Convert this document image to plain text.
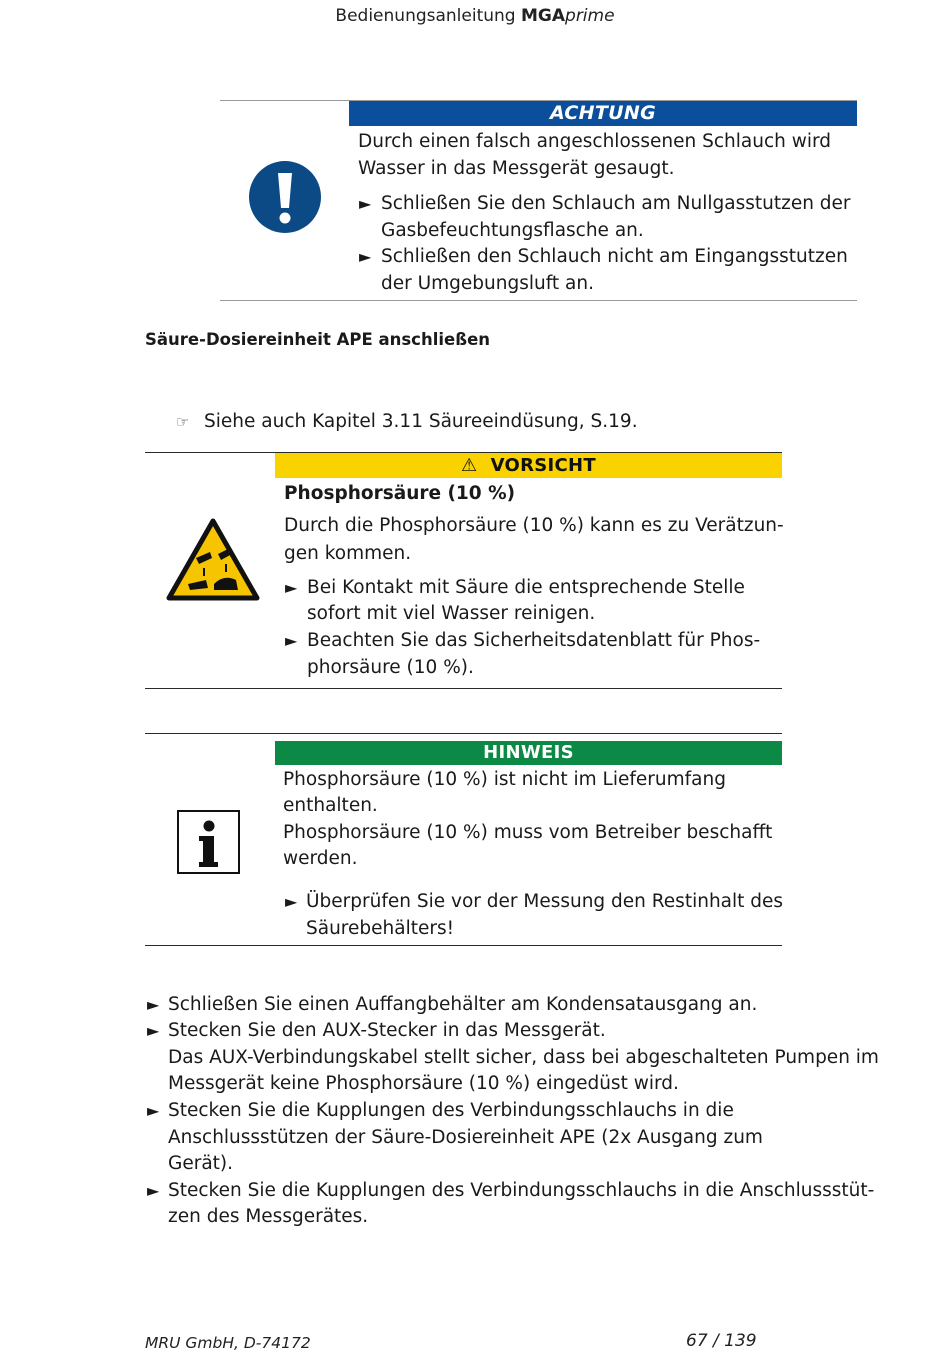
Bedienungsanleitung MGAprime
ACHTUNG
Durch einen falsch angeschlossenen Schlauch wird
Wasser in das Messgerät gesaugt.
► Schließen Sie den Schlauch am Nullgasstutzen der
Gasbefeuchtungsflasche an.
► Schließen den Schlauch nicht am Eingangsstutzen
der Umgebungsluft an.
Säure-Dosiereinheit APE anschließen
☞ Siehe auch Kapitel 3.11 Säureeindüsung, S.19.
⚠ VORSICHT
Phosphorsäure (10 %)
Durch die Phosphorsäure (10 %) kann es zu Verätzun-
gen kommen.
► Bei Kontakt mit Säure die entsprechende Stelle
sofort mit viel Wasser reinigen.
► Beachten Sie das Sicherheitsdatenblatt für Phos-
phorsäure (10 %).
HINWEIS
Phosphorsäure (10 %) ist nicht im Lieferumfang
enthalten.
Phosphorsäure (10 %) muss vom Betreiber beschafft
werden.
► Überprüfen Sie vor der Messung den Restinhalt des
Säurebehälters!
► Schließen Sie einen Auffangbehälter am Kondensatausgang an.
► Stecken Sie den AUX-Stecker in das Messgerät.
Das AUX-Verbindungskabel stellt sicher, dass bei abgeschalteten Pumpen im
Messgerät keine Phosphorsäure (10 %) eingedüst wird.
► Stecken Sie die Kupplungen des Verbindungsschlauchs in die
Anschlussstützen der Säure-Dosiereinheit APE (2x Ausgang zum
Gerät).
► Stecken Sie die Kupplungen des Verbindungsschlauchs in die Anschlussstüt-
zen des Messgerätes.
MRU GmbH, D-74172	67 / 139
